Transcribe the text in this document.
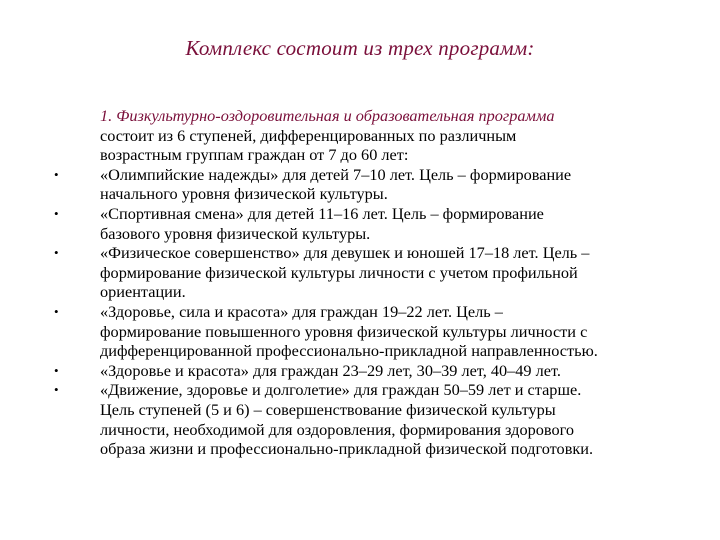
Комплекс состоит из трех программ:
1. Физкультурно-оздоровительная и образовательная программа
состоит из 6 ступеней, дифференцированных по различным
возрастным группам граждан от 7 до 60 лет:
•	«Олимпийские надежды» для детей 7–10 лет. Цель – формирование
начального уровня физической культуры.
•	«Спортивная смена» для детей 11–16 лет. Цель – формирование
базового уровня физической культуры.
•	«Физическое совершенство» для девушек и юношей 17–18 лет. Цель –
формирование физической культуры личности с учетом профильной
ориентации.
•	«Здоровье, сила и красота» для граждан 19–22 лет. Цель –
формирование повышенного уровня физической культуры личности с
дифференцированной профессионально-прикладной направленностью.
•	«Здоровье и красота» для граждан 23–29 лет, 30–39 лет, 40–49 лет.
•	«Движение, здоровье и долголетие» для граждан 50–59 лет и старше.
Цель ступеней (5 и 6) – совершенствование физической культуры
личности, необходимой для оздоровления, формирования здорового
образа жизни и профессионально-прикладной физической подготовки.
